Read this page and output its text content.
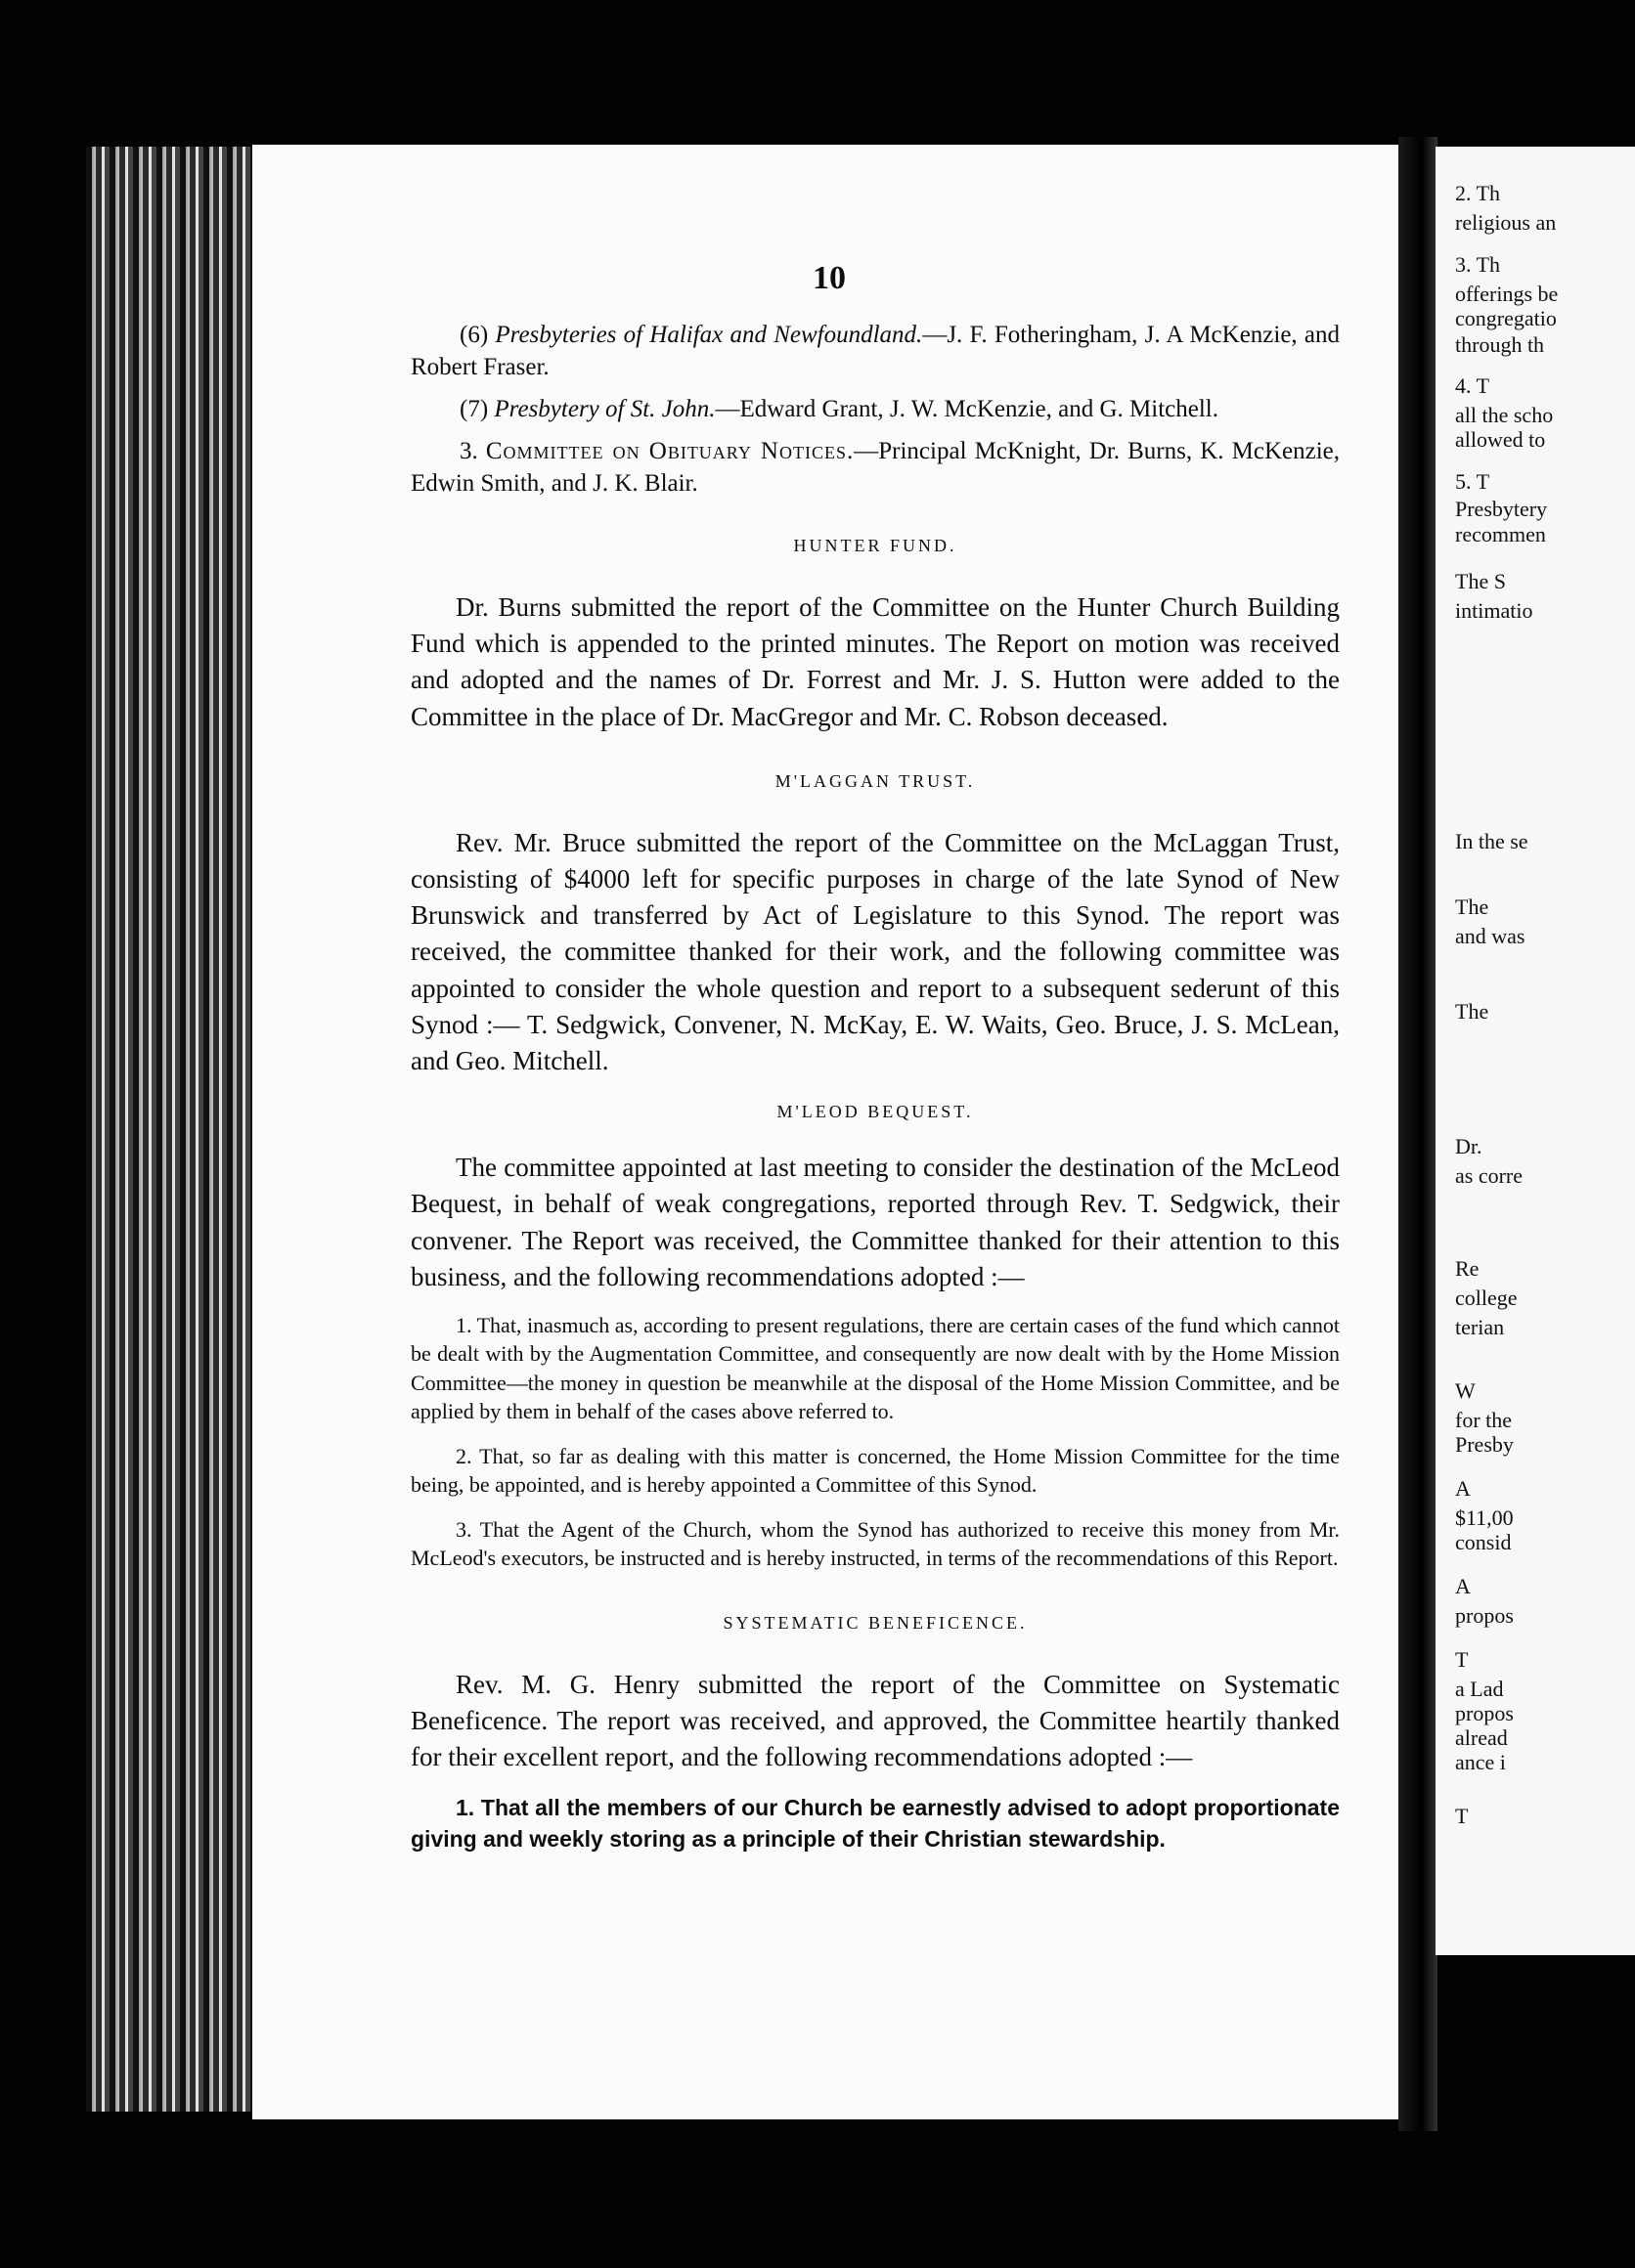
10

(6) Presbyteries of Halifax and Newfoundland.—J. F. Fotheringham, J. A McKenzie, and Robert Fraser.

(7) Presbytery of St. John.—Edward Grant, J. W. McKenzie, and G. Mitchell.

3. Committee on Obituary Notices.—Principal McKnight, Dr. Burns, K. McKenzie, Edwin Smith, and J. K. Blair.

HUNTER FUND.

Dr. Burns submitted the report of the Committee on the Hunter Church Building Fund which is appended to the printed minutes. The Report on motion was received and adopted and the names of Dr. Forrest and Mr. J. S. Hutton were added to the Committee in the place of Dr. MacGregor and Mr. C. Robson deceased.

M'LAGGAN TRUST.

Rev. Mr. Bruce submitted the report of the Committee on the McLaggan Trust, consisting of $4000 left for specific purposes in charge of the late Synod of New Brunswick and transferred by Act of Legislature to this Synod. The report was received, the committee thanked for their work, and the following committee was appointed to consider the whole question and report to a subsequent sederunt of this Synod :— T. Sedgwick, Convener, N. McKay, E. W. Waits, Geo. Bruce, J. S. McLean, and Geo. Mitchell.

M'LEOD BEQUEST.

The committee appointed at last meeting to consider the destination of the McLeod Bequest, in behalf of weak congregations, reported through Rev. T. Sedgwick, their convener. The Report was received, the Committee thanked for their attention to this business, and the following recommendations adopted :—

1. That, inasmuch as, according to present regulations, there are certain cases of the fund which cannot be dealt with by the Augmentation Committee, and consequently are now dealt with by the Home Mission Committee—the money in question be meanwhile at the disposal of the Home Mission Committee, and be applied by them in behalf of the cases above referred to.

2. That, so far as dealing with this matter is concerned, the Home Mission Committee for the time being, be appointed, and is hereby appointed a Committee of this Synod.

3. That the Agent of the Church, whom the Synod has authorized to receive this money from Mr. McLeod's executors, be instructed and is hereby instructed, in terms of the recommendations of this Report.

SYSTEMATIC BENEFICENCE.

Rev. M. G. Henry submitted the report of the Committee on Systematic Beneficence. The report was received, and approved, the Committee heartily thanked for their excellent report, and the following recommendations adopted :—

1. That all the members of our Church be earnestly advised to adopt proportionate giving and weekly storing as a principle of their Christian stewardship.

2. Th
religious an
3. Th
offerings be
congregatio
through th
4. T
all the scho
allowed to
5. T
Presbytery
recommen
The S
intimatio
In the se
The
and was
The
Dr.
as corre
Re
college
terian
W
for the
Presby
A
$11,00
consid
A
propos
T
a Lad
propos
alread
ance i
T
